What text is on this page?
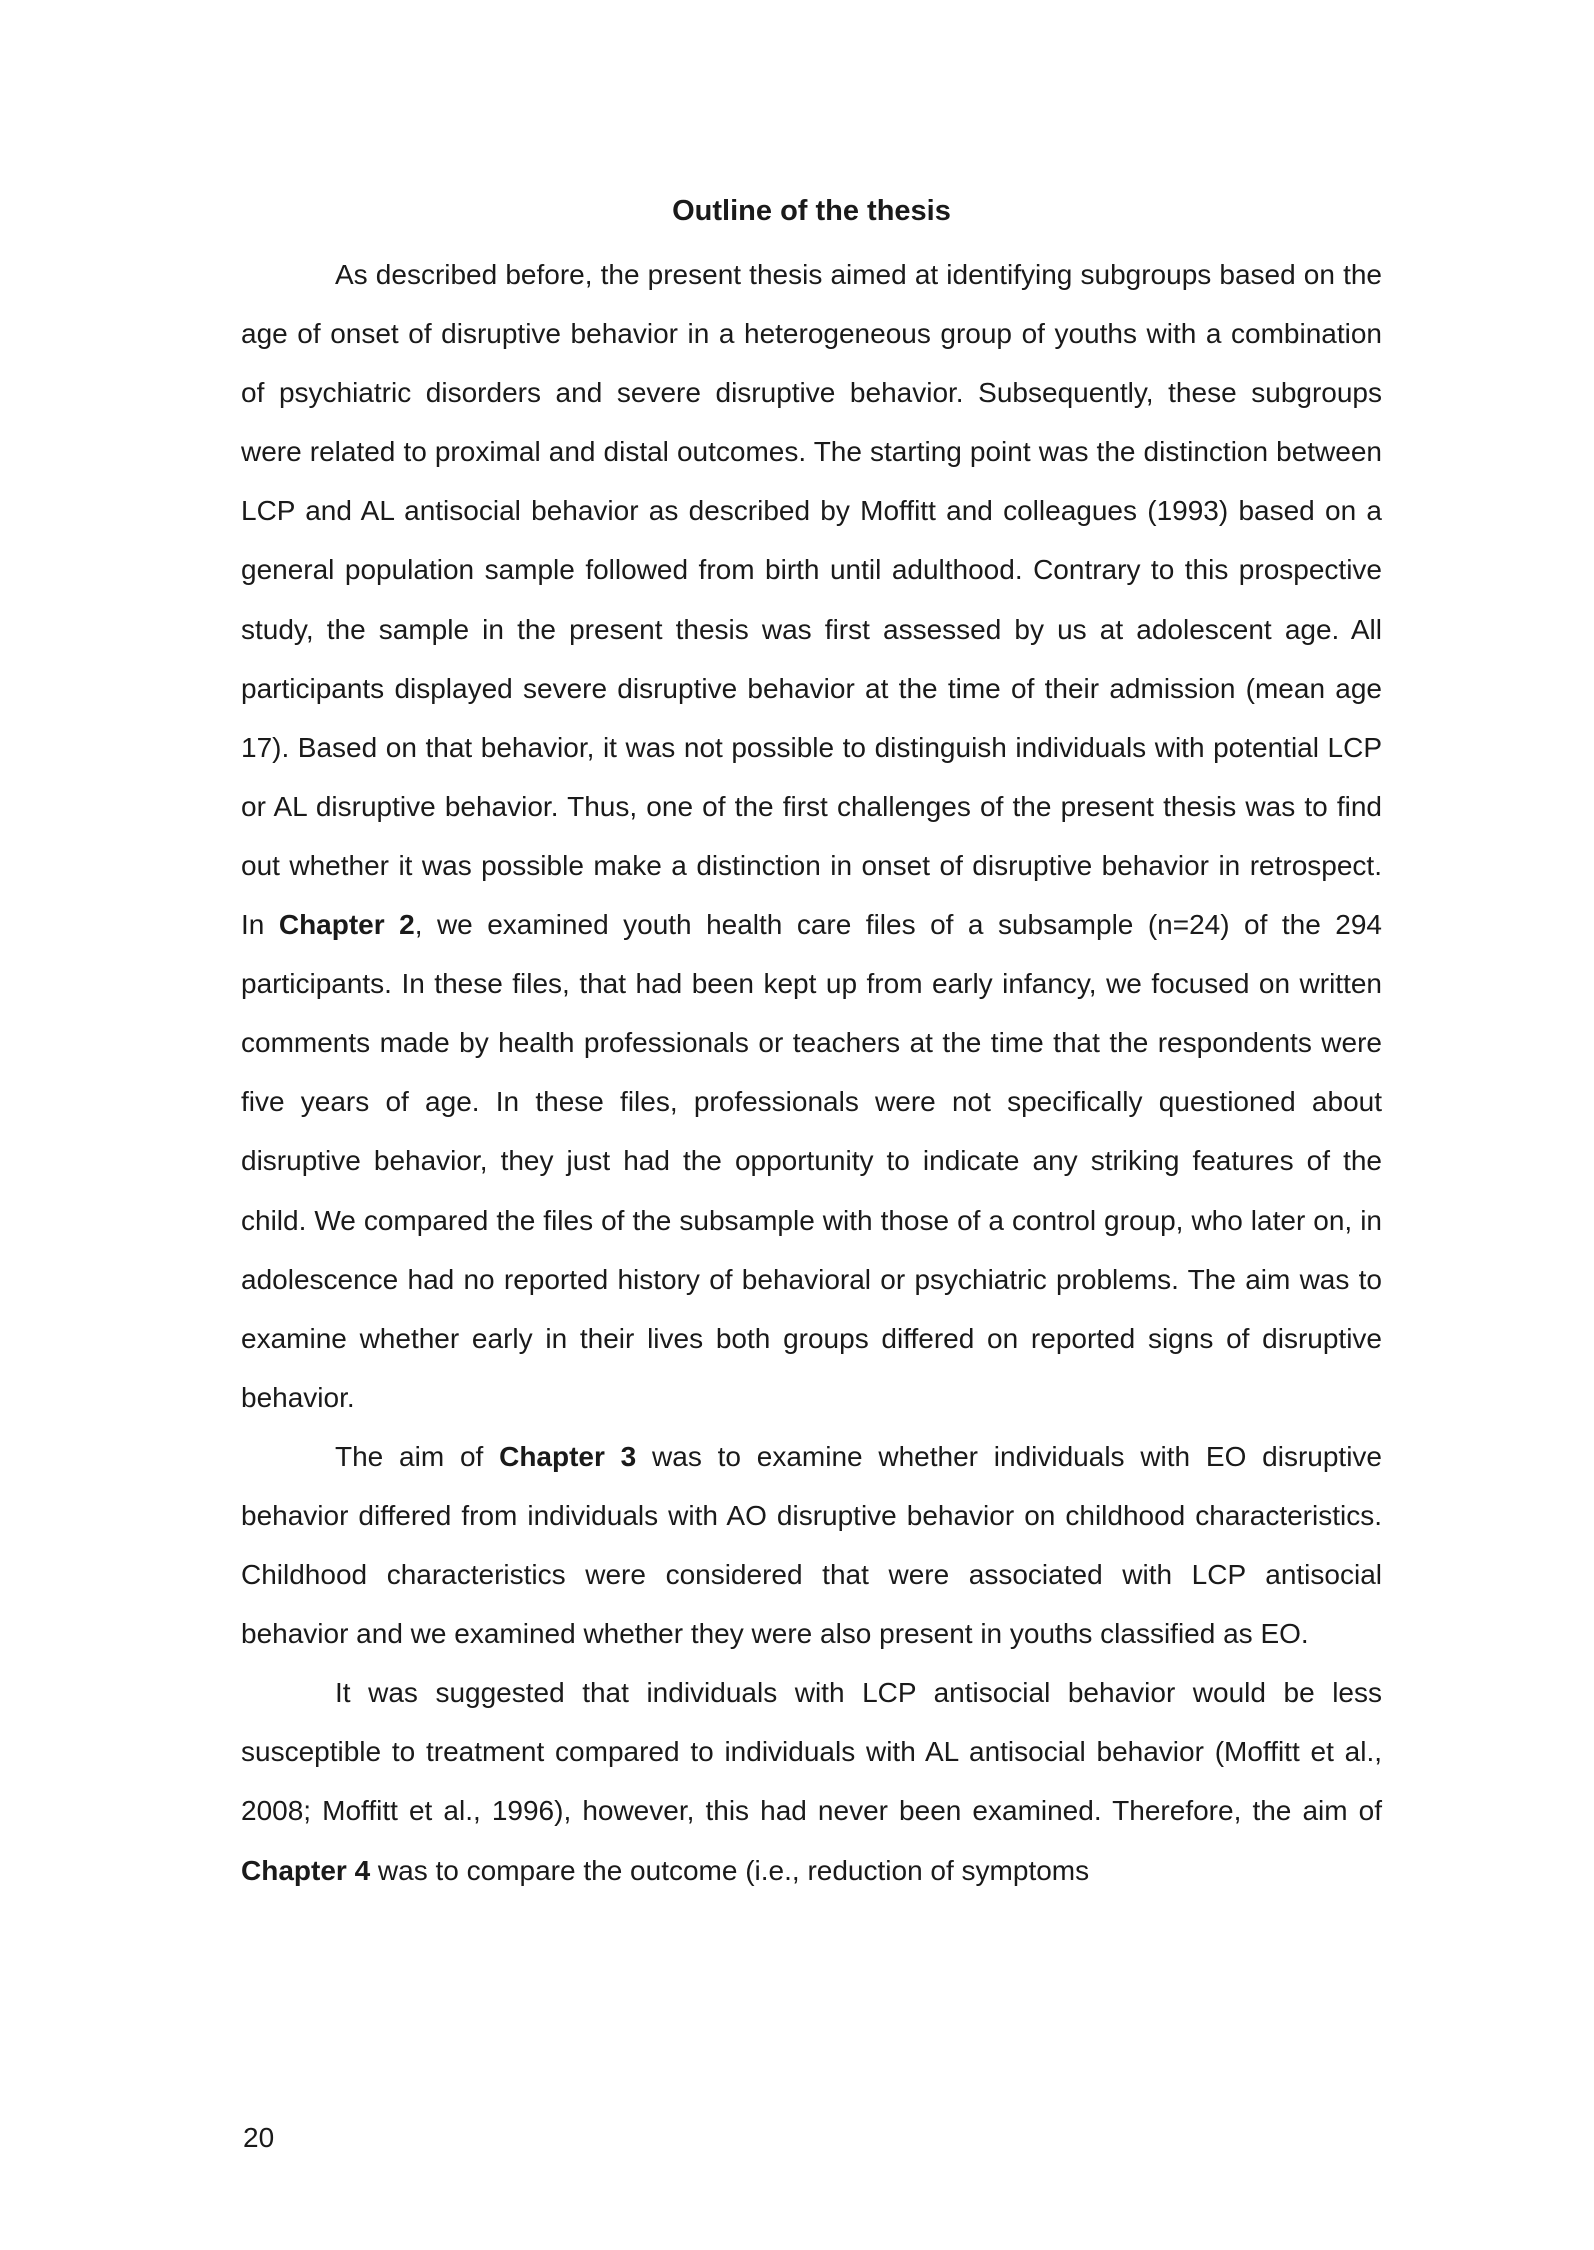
Outline of the thesis

As described before, the present thesis aimed at identifying subgroups based on the age of onset of disruptive behavior in a heterogeneous group of youths with a combination of psychiatric disorders and severe disruptive behavior. Subsequently, these subgroups were related to proximal and distal outcomes. The starting point was the distinction between LCP and AL antisocial behavior as described by Moffitt and colleagues (1993) based on a general population sample followed from birth until adulthood. Contrary to this prospective study, the sample in the present thesis was first assessed by us at adolescent age. All participants displayed severe disruptive behavior at the time of their admission (mean age 17). Based on that behavior, it was not possible to distinguish individuals with potential LCP or AL disruptive behavior. Thus, one of the first challenges of the present thesis was to find out whether it was possible make a distinction in onset of disruptive behavior in retrospect. In Chapter 2, we examined youth health care files of a subsample (n=24) of the 294 participants. In these files, that had been kept up from early infancy, we focused on written comments made by health professionals or teachers at the time that the respondents were five years of age. In these files, professionals were not specifically questioned about disruptive behavior, they just had the opportunity to indicate any striking features of the child. We compared the files of the subsample with those of a control group, who later on, in adolescence had no reported history of behavioral or psychiatric problems. The aim was to examine whether early in their lives both groups differed on reported signs of disruptive behavior.

The aim of Chapter 3 was to examine whether individuals with EO disruptive behavior differed from individuals with AO disruptive behavior on childhood characteristics. Childhood characteristics were considered that were associated with LCP antisocial behavior and we examined whether they were also present in youths classified as EO.

It was suggested that individuals with LCP antisocial behavior would be less susceptible to treatment compared to individuals with AL antisocial behavior (Moffitt et al., 2008; Moffitt et al., 1996), however, this had never been examined. Therefore, the aim of Chapter 4 was to compare the outcome (i.e., reduction of symptoms

20
